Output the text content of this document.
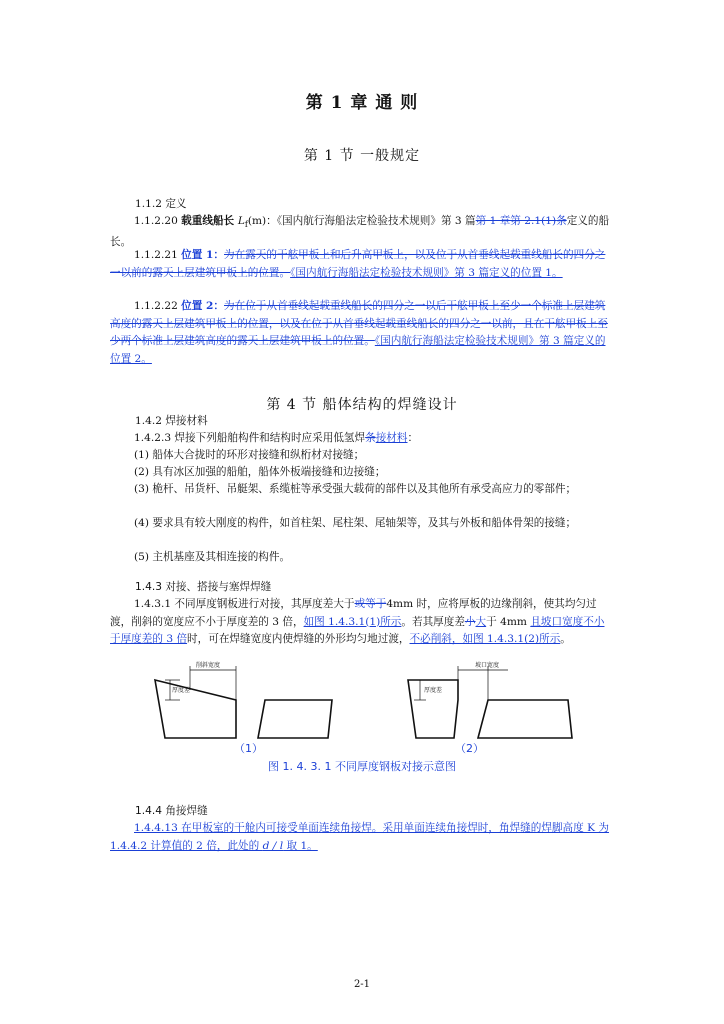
第 1 章 通 则
第 1 节 一般规定
1.1.2 定义
1.1.2.20 载重线船长 $L_f(m)$：《国内航行海船法定检验技术规则》第 3 篇第 1 章第 2.1(1)条定义的船长。
1.1.2.21 位置 1：为在露天的干舷甲板上和后升高甲板上，以及位于从首垂线起载重线船长的四分之一以前的露天上层建筑甲板上的位置。《国内航行海船法定检验技术规则》第 3 篇定义的位置 1。
1.1.2.22 位置 2：为在位于从首垂线起载重线船长的四分之一以后干舷甲板上至少一个标准上层建筑高度的露天上层建筑甲板上的位置，以及在位于从首垂线起载重线船长的四分之一以前，且在干舷甲板上至少两个标准上层建筑高度的露天上层建筑甲板上的位置。《国内航行海船法定检验技术规则》第 3 篇定义的位置 2。
第 4 节 船体结构的焊缝设计
1.4.2 焊接材料
1.4.2.3 焊接下列船舶构件和结构时应采用低氢焊条接材料：
(1) 船体大合拢时的环形对接缝和纵桁材对接缝；
(2) 具有冰区加强的船舶，船体外板端接缝和边接缝；
(3) 桅杆、吊货杆、吊艇架、系缆桩等承受强大载荷的部件以及其他所有承受高应力的零部件；
(4) 要求具有较大刚度的构件，如首柱架、尾柱架、尾轴架等，及其与外板和船体骨架的接缝；
(5) 主机基座及其相连接的构件。
1.4.3 对接、搭接与塞焊焊缝
1.4.3.1 不同厚度钢板进行对接，其厚度差大于或等于4mm 时，应将厚板的边缘削斜，使其均匀过渡，削斜的宽度应不小于厚度差的 3 倍，如图 1.4.3.1(1)所示。若其厚度差小大于 4mm 且坡口宽度不小于厚度差的 3 倍时，可在焊缝宽度内使焊缝的外形均匀地过渡，不必削斜，如图 1.4.3.1(2)所示。
削斜宽度
厚度差
坡口宽度
厚度差
（1）	（2）
图 1. 4. 3. 1 不同厚度钢板对接示意图
1.4.4 角接焊缝
1.4.4.13 在甲板室的干舱内可接受单面连续角接焊。采用单面连续角接焊时，角焊缝的焊脚高度 K 为 1.4.4.2 计算值的 2 倍，此处的 d / l 取 1。
2-1
